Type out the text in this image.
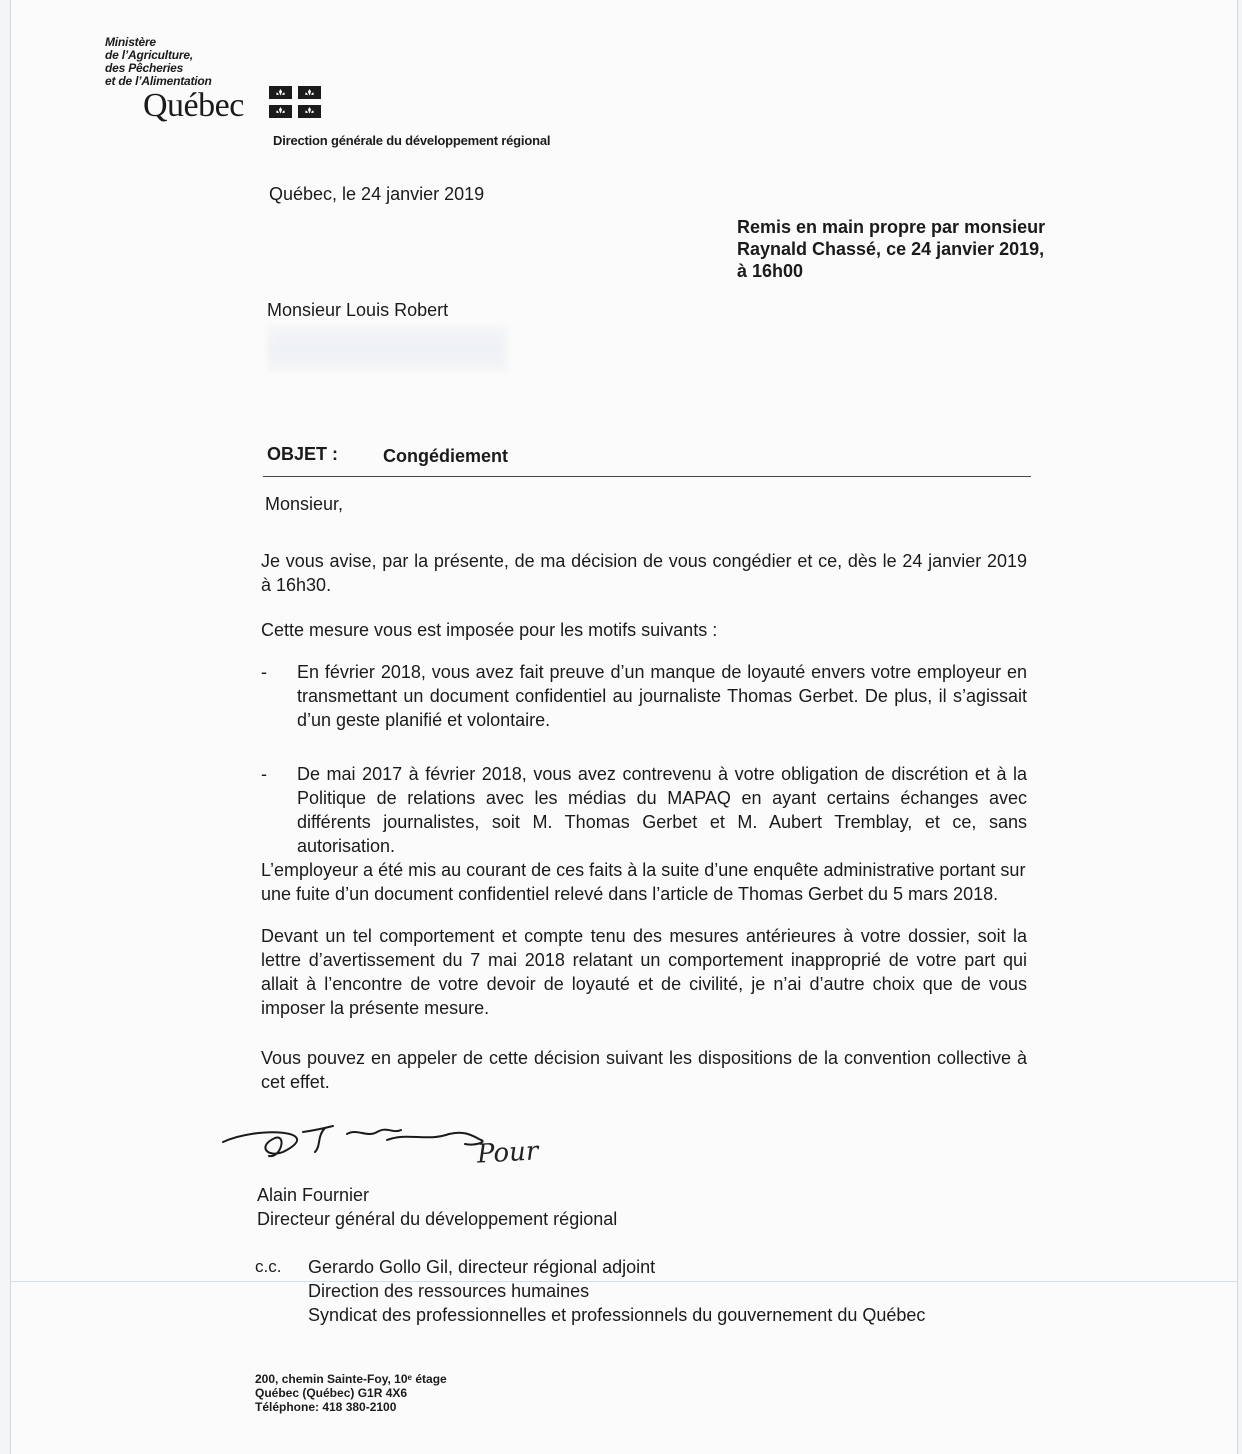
Ministère
de l’Agriculture,
des Pêcheries
et de l’Alimentation
Québec
Direction générale du développement régional
Québec, le 24 janvier 2019
Remis en main propre par monsieur
Raynald Chassé, ce 24 janvier 2019,
à 16h00
Monsieur Louis Robert
OBJET : Congédiement
Monsieur,
Je vous avise, par la présente, de ma décision de vous congédier et ce, dès le 24 janvier 2019 à 16h30.
Cette mesure vous est imposée pour les motifs suivants :
- En février 2018, vous avez fait preuve d’un manque de loyauté envers votre employeur en transmettant un document confidentiel au journaliste Thomas Gerbet. De plus, il s’agissait d’un geste planifié et volontaire.
- De mai 2017 à février 2018, vous avez contrevenu à votre obligation de discrétion et à la Politique de relations avec les médias du MAPAQ en ayant certains échanges avec différents journalistes, soit M. Thomas Gerbet et M. Aubert Tremblay, et ce, sans autorisation.
L’employeur a été mis au courant de ces faits à la suite d’une enquête administrative portant sur une fuite d’un document confidentiel relevé dans l’article de Thomas Gerbet du 5 mars 2018.
Devant un tel comportement et compte tenu des mesures antérieures à votre dossier, soit la lettre d’avertissement du 7 mai 2018 relatant un comportement inapproprié de votre part qui allait à l’encontre de votre devoir de loyauté et de civilité, je n’ai d’autre choix que de vous imposer la présente mesure.
Vous pouvez en appeler de cette décision suivant les dispositions de la convention collective à cet effet.
Pour
Alain Fournier
Directeur général du développement régional
c.c. Gerardo Gollo Gil, directeur régional adjoint
Direction des ressources humaines
Syndicat des professionnelles et professionnels du gouvernement du Québec
200, chemin Sainte-Foy, 10ᵉ étage
Québec (Québec) G1R 4X6
Téléphone: 418 380-2100
